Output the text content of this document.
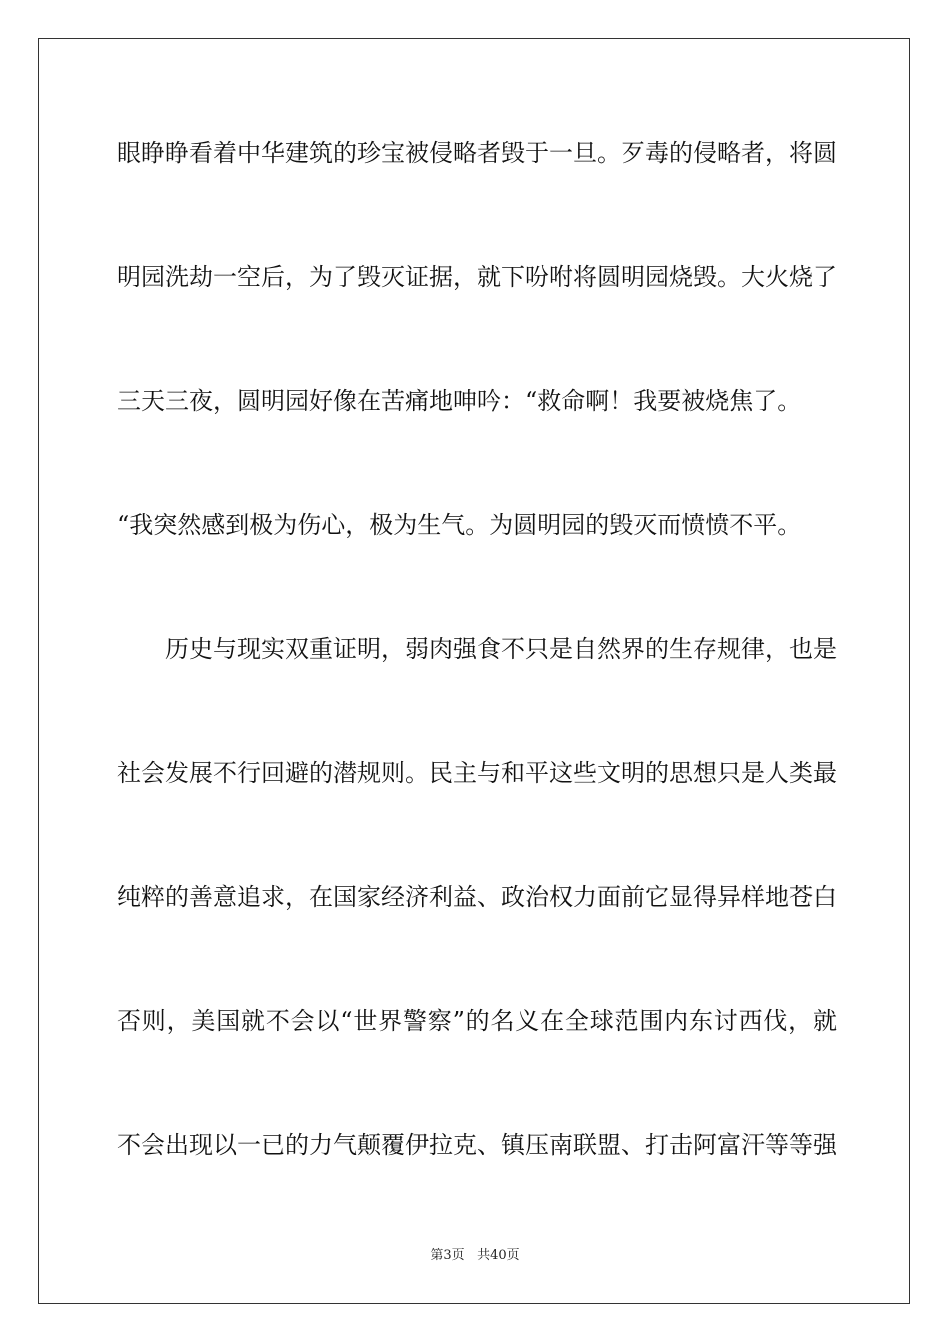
眼睁睁看着中华建筑的珍宝被侵略者毁于一旦。歹毒的侵略者，将圆
明园洗劫一空后，为了毁灭证据，就下吩咐将圆明园烧毁。大火烧了
三天三夜，圆明园好像在苦痛地呻吟：“救命啊！我要被烧焦了。
“我突然感到极为伤心，极为生气。为圆明园的毁灭而愤愤不平。
历史与现实双重证明，弱肉强食不只是自然界的生存规律，也是
社会发展不行回避的潜规则。民主与和平这些文明的思想只是人类最
纯粹的善意追求，在国家经济利益、政治权力面前它显得异样地苍白
否则，美国就不会以“世界警察”的名义在全球范围内东讨西伐，就
不会出现以一已的力气颠覆伊拉克、镇压南联盟、打击阿富汗等等强
第3页 共40页
